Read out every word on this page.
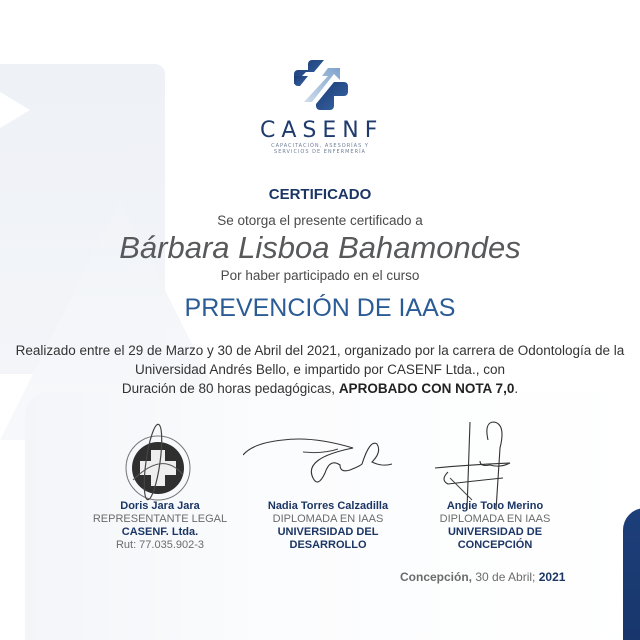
CASENF
CAPACITACIÓN, ASESORÍAS Y
SERVICIOS DE ENFERMERÍA
CERTIFICADO
Se otorga el presente certificado a
Bárbara Lisboa Bahamondes
Por haber participado en el curso
PREVENCIÓN DE IAAS
Realizado entre el 29 de Marzo y 30 de Abril del 2021, organizado por la carrera de Odontología de la
Universidad Andrés Bello, e impartido por CASENF Ltda., con
Duración de 80 horas pedagógicas, APROBADO CON NOTA 7,0.
Doris Jara Jara
REPRESENTANTE LEGAL
CASENF. Ltda.
Rut: 77.035.902-3
Nadia Torres Calzadilla
DIPLOMADA EN IAAS
UNIVERSIDAD DEL
DESARROLLO
Angie Toro Merino
DIPLOMADA EN IAAS
UNIVERSIDAD DE
CONCEPCIÓN
Concepción, 30 de Abril; 2021
